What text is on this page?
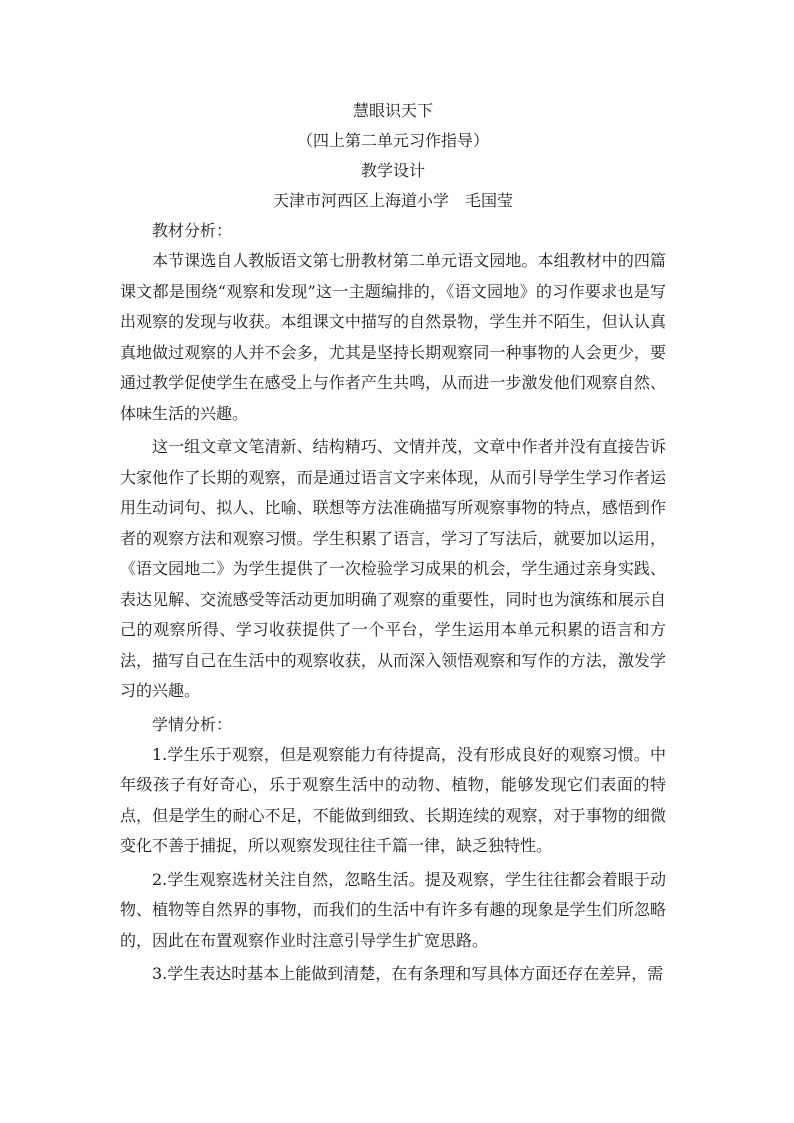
慧眼识天下

（四上第二单元习作指导）

教学设计

天津市河西区上海道小学　毛国莹

教材分析：

本节课选自人教版语文第七册教材第二单元语文园地。本组教材中的四篇课文都是围绕“观察和发现”这一主题编排的，《语文园地》的习作要求也是写出观察的发现与收获。本组课文中描写的自然景物，学生并不陌生，但认认真真地做过观察的人并不会多，尤其是坚持长期观察同一种事物的人会更少，要通过教学促使学生在感受上与作者产生共鸣，从而进一步激发他们观察自然、体味生活的兴趣。

这一组文章文笔清新、结构精巧、文情并茂，文章中作者并没有直接告诉大家他作了长期的观察，而是通过语言文字来体现，从而引导学生学习作者运用生动词句、拟人、比喻、联想等方法准确描写所观察事物的特点，感悟到作者的观察方法和观察习惯。学生积累了语言，学习了写法后，就要加以运用，《语文园地二》为学生提供了一次检验学习成果的机会，学生通过亲身实践、表达见解、交流感受等活动更加明确了观察的重要性，同时也为演练和展示自己的观察所得、学习收获提供了一个平台，学生运用本单元积累的语言和方法，描写自己在生活中的观察收获，从而深入领悟观察和写作的方法，激发学习的兴趣。

学情分析：

1.学生乐于观察，但是观察能力有待提高，没有形成良好的观察习惯。中年级孩子有好奇心，乐于观察生活中的动物、植物，能够发现它们表面的特点，但是学生的耐心不足，不能做到细致、长期连续的观察，对于事物的细微变化不善于捕捉，所以观察发现往往千篇一律，缺乏独特性。

2.学生观察选材关注自然，忽略生活。提及观察，学生往往都会着眼于动物、植物等自然界的事物，而我们的生活中有许多有趣的现象是学生们所忽略的，因此在布置观察作业时注意引导学生扩宽思路。

3.学生表达时基本上能做到清楚，在有条理和写具体方面还存在差异，需
